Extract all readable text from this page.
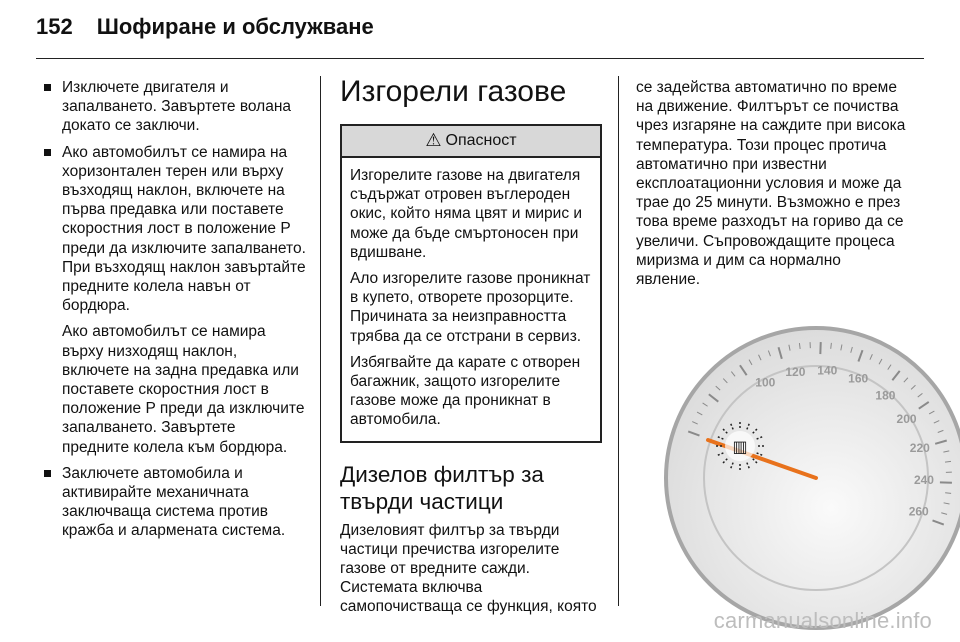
152 Шофиране и обслужване
Изключете двигателя и запалването. Завъртете волана докато се заключи.
Ако автомобилът се намира на хоризонтален терен или върху възходящ наклон, включете на първа предавка или поставете скоростния лост в положение P преди да изключите запалването. При възходящ наклон завъртайте предните колела навън от бордюра.

Ако автомобилът се намира върху низходящ наклон, включете на задна предавка или поставете скоростния лост в положение P преди да изключите запалването. Завъртете предните колела към бордюра.

Заключете автомобила и активирайте механичната заключваща система против кражба и алармената система.
Изгорели газове
⚠ Опасност

Изгорелите газове на двигателя съдържат отровен въглероден окис, който няма цвят и мирис и може да бъде смъртоносен при вдишване.

Ало изгорелите газове проникнат в купето, отворете прозорците. Причината за неизправността трябва да се отстрани в сервиз.

Избягвайте да карате с отворен багажник, защото изгорелите газове може да проникнат в автомобила.

Дизелов филтър за твърди частици

Дизеловият филтър за твърди частици пречиства изгорелите газове от вредните сажди. Системата включва самопочистваща се функция, която

се задейства автоматично по време на движение. Филтърът се почиства чрез изгаряне на саждите при висока температура. Този процес протича автоматично при известни експлоатационни условия и може да трае до 25 минути. Възможно е през това време разходът на гориво да се увеличи. Съпровождащите процеса миризма и дим са нормално явление.

100
120 140
160
180
200
220
240
260
▥
carmanualsonline.info
